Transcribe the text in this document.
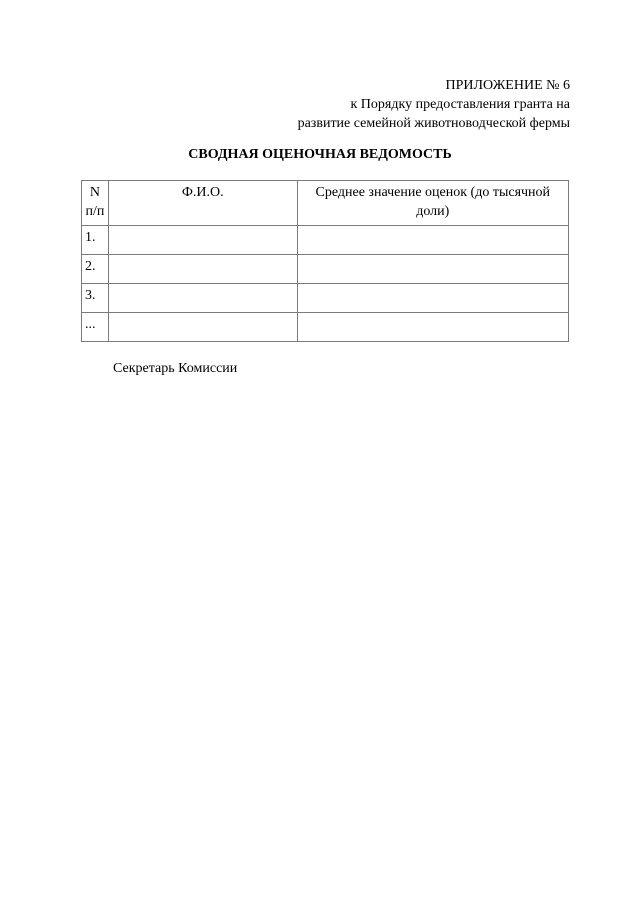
ПРИЛОЖЕНИЕ № 6
к Порядку предоставления гранта на
развитие семейной животноводческой фермы
СВОДНАЯ ОЦЕНОЧНАЯ ВЕДОМОСТЬ
N п/п	Ф.И.О.	Среднее значение оценок (до тысячной доли)
1.		
2.		
3.		
...		
Секретарь Комиссии
